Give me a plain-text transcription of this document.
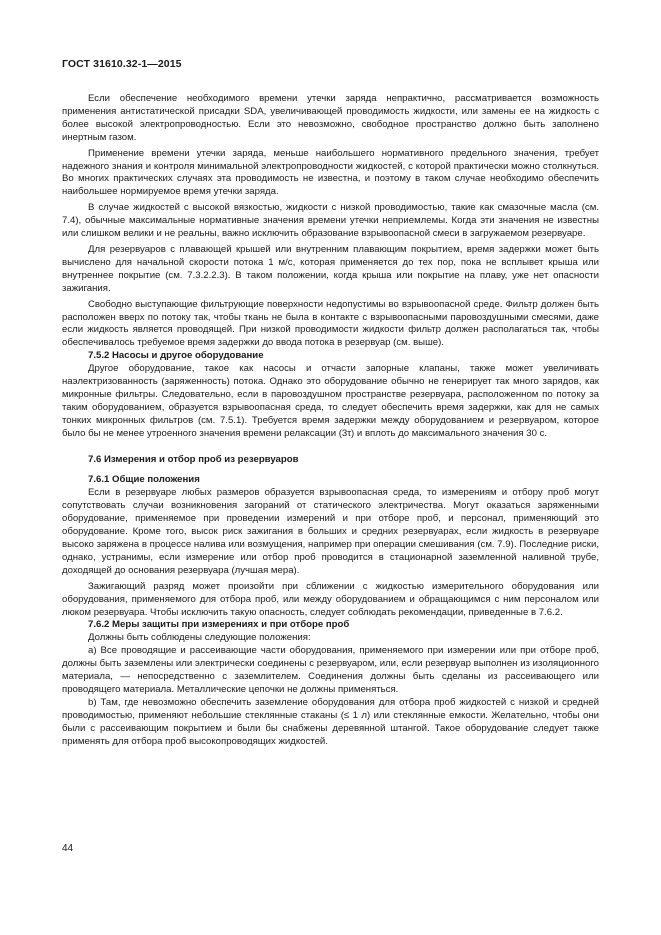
ГОСТ 31610.32-1—2015

Если обеспечение необходимого времени утечки заряда непрактично, рассматривается возможность применения антистатической присадки SDA, увеличивающей проводимость жидкости, или замены ее на жидкость с более высокой электропроводностью. Если это невозможно, свободное пространство должно быть заполнено инертным газом.

Применение времени утечки заряда, меньше наибольшего нормативного предельного значения, требует надежного знания и контроля минимальной электропроводности жидкостей, с которой практически можно столкнуться. Во многих практических случаях эта проводимость не известна, и поэтому в таком случае необходимо обеспечить наибольшее нормируемое время утечки заряда.

В случае жидкостей с высокой вязкостью, жидкости с низкой проводимостью, такие как смазочные масла (см. 7.4), обычные максимальные нормативные значения времени утечки неприемлемы. Когда эти значения не известны или слишком велики и не реальны, важно исключить образование взрывоопасной смеси в загружаемом резервуаре.

Для резервуаров с плавающей крышей или внутренним плавающим покрытием, время задержки может быть вычислено для начальной скорости потока 1 м/с, которая применяется до тех пор, пока не всплывет крыша или внутреннее покрытие (см. 7.3.2.2.3). В таком положении, когда крыша или покрытие на плаву, уже нет опасности зажигания.

Свободно выступающие фильтрующие поверхности недопустимы во взрывоопасной среде. Фильтр должен быть расположен вверх по потоку так, чтобы ткань не была в контакте с взрывоопасными паровоздушными смесями, даже если жидкость является проводящей. При низкой проводимости жидкости фильтр должен располагаться так, чтобы обеспечивалось требуемое время задержки до ввода потока в резервуар (см. выше).

7.5.2 Насосы и другое оборудование

Другое оборудование, такое как насосы и отчасти запорные клапаны, также может увеличивать наэлектризованность (заряженность) потока. Однако это оборудование обычно не генерирует так много зарядов, как микронные фильтры. Следовательно, если в паровоздушном пространстве резервуара, расположенном по потоку за таким оборудованием, образуется взрывоопасная среда, то следует обеспечить время задержки, как для не самых тонких микронных фильтров (см. 7.5.1). Требуется время задержки между оборудованием и резервуаром, которое было бы не менее утроенного значения времени релаксации (3τ) и вплоть до максимального значения 30 с.

7.6 Измерения и отбор проб из резервуаров
7.6.1 Общие положения

Если в резервуаре любых размеров образуется взрывоопасная среда, то измерениям и отбору проб могут сопутствовать случаи возникновения загораний от статического электричества. Могут оказаться заряженными оборудование, применяемое при проведении измерений и при отборе проб, и персонал, применяющий это оборудование. Кроме того, высок риск зажигания в больших и средних резервуарах, если жидкость в резервуаре высоко заряжена в процессе налива или возмущения, например при операции смешивания (см. 7.9). Последние риски, однако, устранимы, если измерение или отбор проб проводится в стационарной заземленной наливной трубе, доходящей до основания резервуара (лучшая мера).

Зажигающий разряд может произойти при сближении с жидкостью измерительного оборудования или оборудования, применяемого для отбора проб, или между оборудованием и обращающимся с ним персоналом или люком резервуара. Чтобы исключить такую опасность, следует соблюдать рекомендации, приведенные в 7.6.2.

7.6.2 Меры защиты при измерениях и при отборе проб

Должны быть соблюдены следующие положения:

а) Все проводящие и рассеивающие части оборудования, применяемого при измерении или при отборе проб, должны быть заземлены или электрически соединены с резервуаром, или, если резервуар выполнен из изоляционного материала, — непосредственно с заземлителем. Соединения должны быть сделаны из рассеивающего или проводящего материала. Металлические цепочки не должны применяться.

b) Там, где невозможно обеспечить заземление оборудования для отбора проб жидкостей с низкой и средней проводимостью, применяют небольшие стеклянные стаканы (≤ 1 л) или стеклянные емкости. Желательно, чтобы они были с рассеивающим покрытием и были бы снабжены деревянной штангой. Такое оборудование следует также применять для отбора проб высокопроводящих жидкостей.

44
